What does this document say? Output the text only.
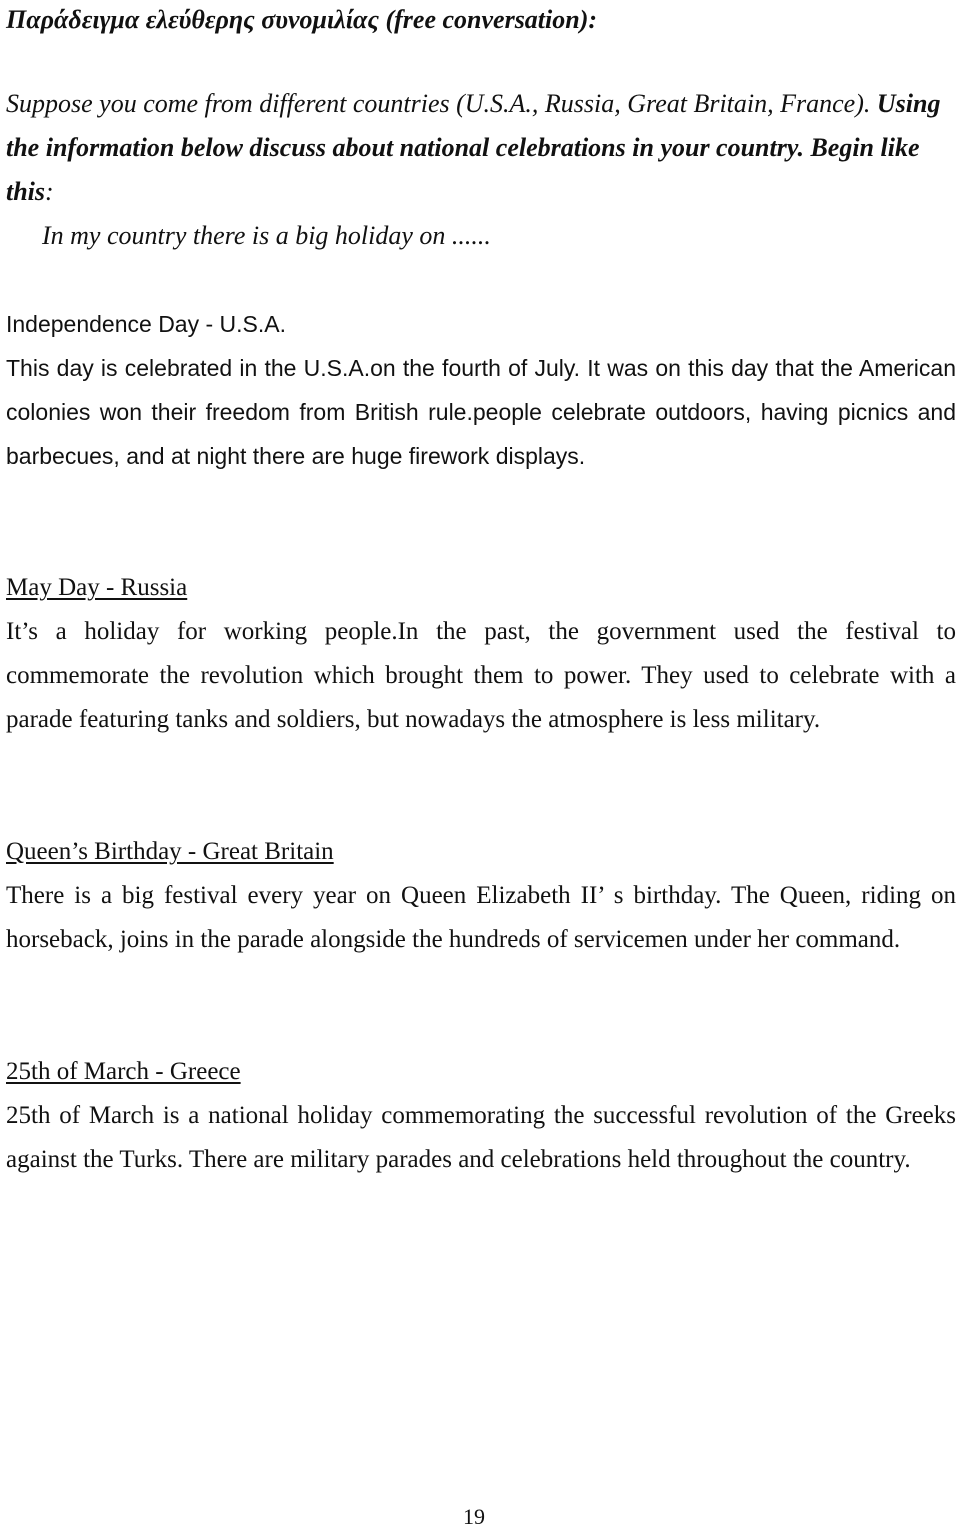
Παράδειγμα ελεύθερης συνομιλίας (free conversation):
Suppose you come from different countries (U.S.A., Russia, Great Britain, France). Using the information below discuss about national celebrations in your country. Begin like this:
In my country there is a big holiday on ......
Independence Day - U.S.A.
This day is celebrated in the U.S.A.on the fourth of July. It was on this day that the American colonies won their freedom from British rule.people celebrate outdoors, having picnics and barbecues, and at night there are huge firework displays.
May Day - Russia
It’s a holiday for working people.In the past, the government used the festival to commemorate the revolution which brought them to power. They used to celebrate with a parade featuring tanks and soldiers, but nowadays the atmosphere is less military.
Queen’s Birthday - Great Britain
There is a big festival every year on Queen Elizabeth II’ s birthday. The Queen, riding on horseback, joins in the parade alongside the hundreds of servicemen under her command.
25th of March - Greece
25th of March is a national holiday commemorating the successful revolution of the Greeks against the Turks. There are military parades and celebrations held throughout the country.
19
